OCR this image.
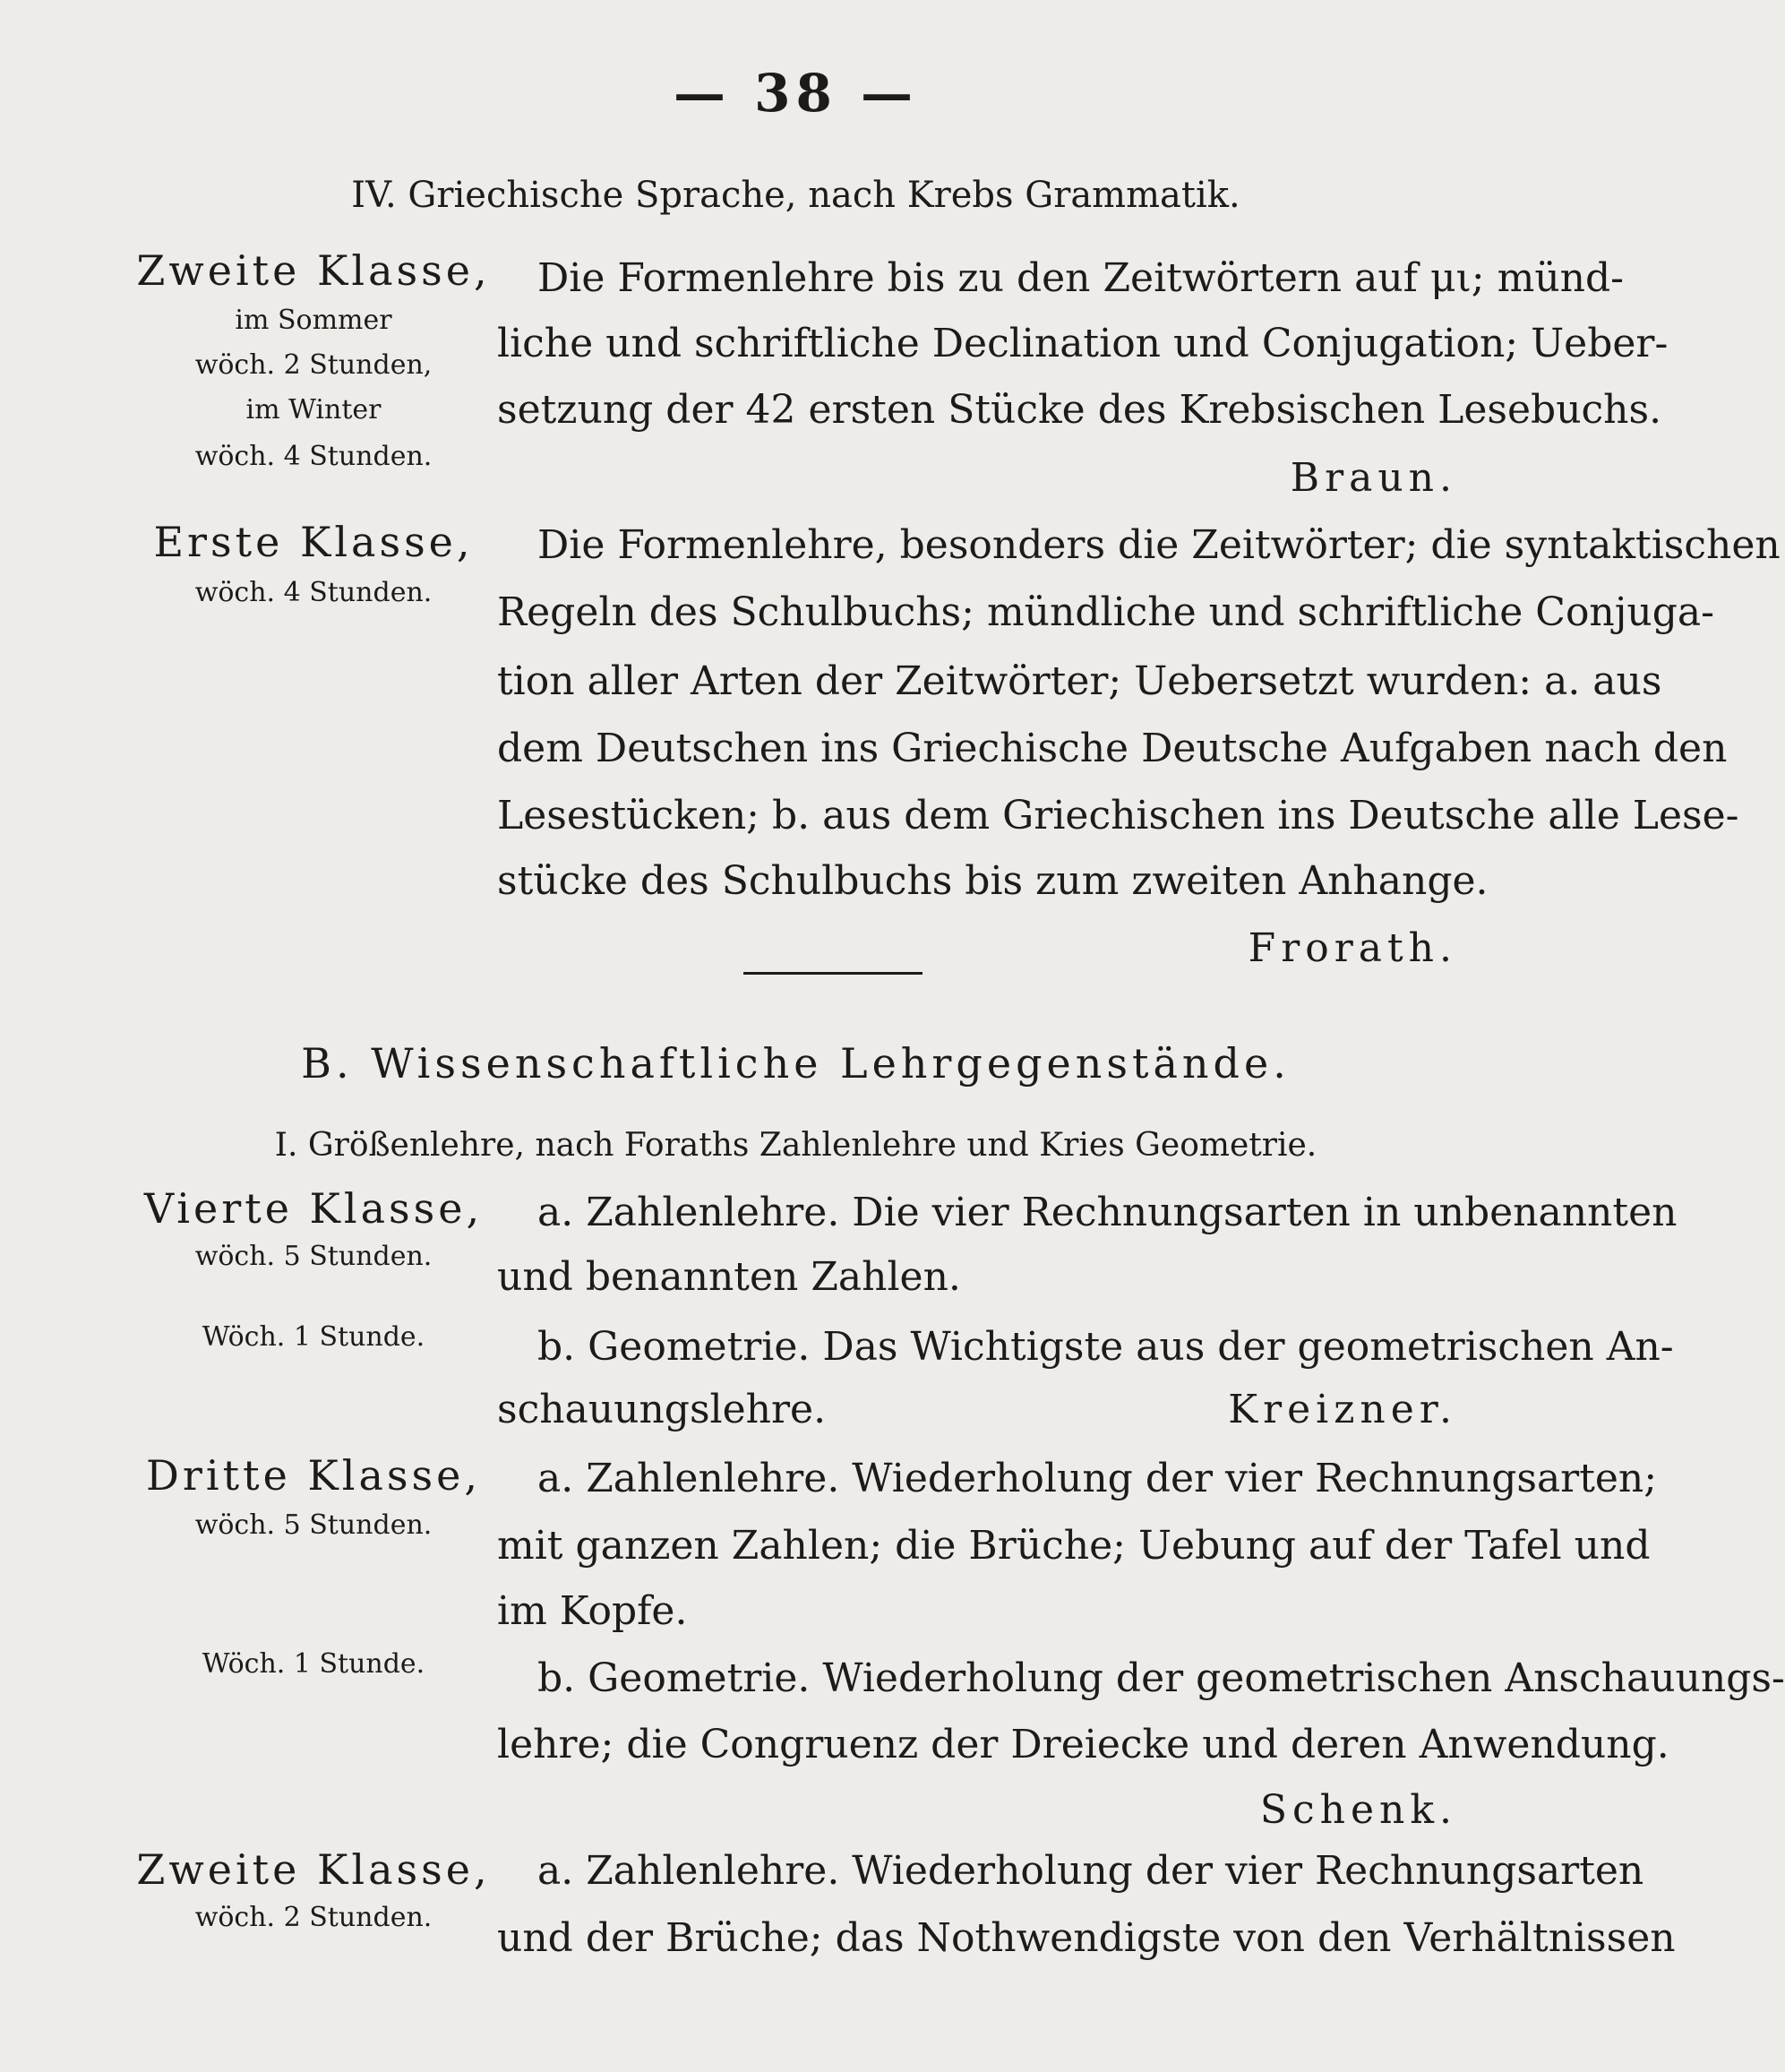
— 38 —
IV. Griechische Sprache, nach Krebs Grammatik.
Zweite Klasse,
im Sommer
wöch. 2 Stunden,
im Winter
wöch. 4 Stunden.
Die Formenlehre bis zu den Zeitwörtern auf μι; münd-
liche und schriftliche Declination und Conjugation; Ueber-
setzung der 42 ersten Stücke des Krebsischen Lesebuchs.
Braun.
Erste Klasse,
wöch. 4 Stunden.
Die Formenlehre, besonders die Zeitwörter; die syntaktischen
Regeln des Schulbuchs; mündliche und schriftliche Conjuga-
tion aller Arten der Zeitwörter; Uebersetzt wurden: a. aus
dem Deutschen ins Griechische Deutsche Aufgaben nach den
Lesestücken; b. aus dem Griechischen ins Deutsche alle Lese-
stücke des Schulbuchs bis zum zweiten Anhange.
Frorath.
B. Wissenschaftliche Lehrgegenstände.
I. Größenlehre, nach Foraths Zahlenlehre und Kries Geometrie.
Vierte Klasse,
wöch. 5 Stunden.
Wöch. 1 Stunde.
a. Zahlenlehre. Die vier Rechnungsarten in unbenannten
und benannten Zahlen.
b. Geometrie. Das Wichtigste aus der geometrischen An-
schauungslehre.	Kreizner.
Dritte Klasse,
wöch. 5 Stunden.
Wöch. 1 Stunde.
a. Zahlenlehre. Wiederholung der vier Rechnungsarten;
mit ganzen Zahlen; die Brüche; Uebung auf der Tafel und
im Kopfe.
b. Geometrie. Wiederholung der geometrischen Anschauungs-
lehre; die Congruenz der Dreiecke und deren Anwendung.
Schenk.
Zweite Klasse,
wöch. 2 Stunden.
a. Zahlenlehre. Wiederholung der vier Rechnungsarten
und der Brüche; das Nothwendigste von den Verhältnissen
